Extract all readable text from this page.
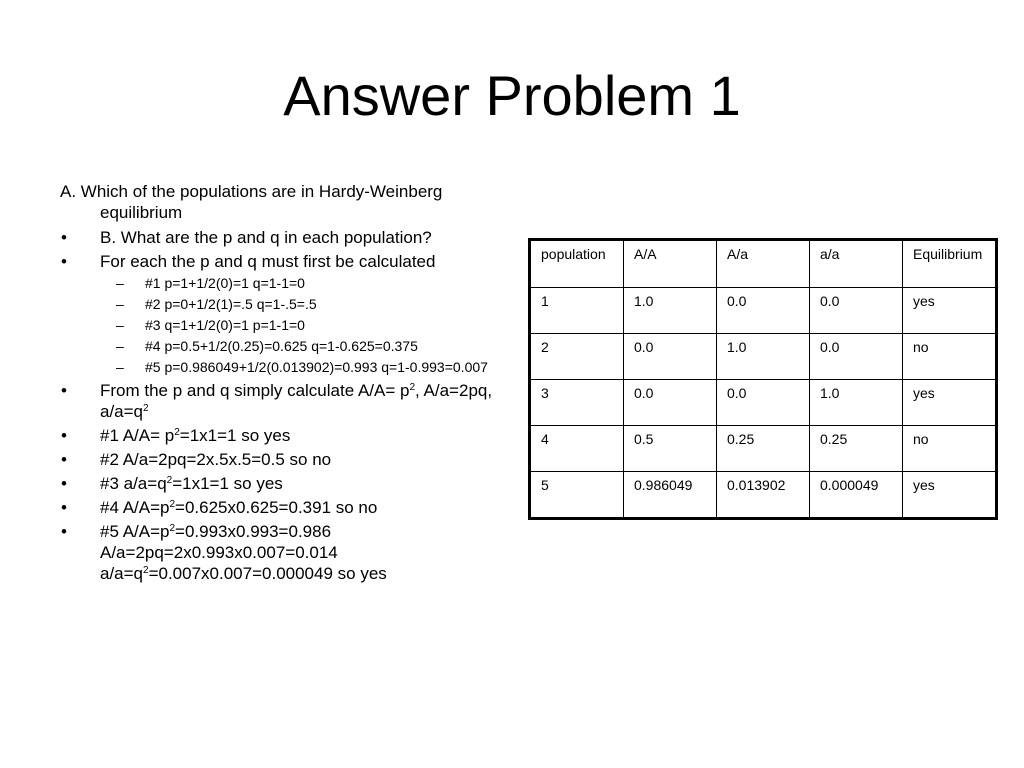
Answer Problem 1

A. Which of the populations are in Hardy-Weinberg equilibrium

• B. What are the p and q in each population?
• For each the p and q must first be calculated
– #1 p=1+1/2(0)=1 q=1-1=0
– #2 p=0+1/2(1)=.5 q=1-.5=.5
– #3 q=1+1/2(0)=1 p=1-1=0
– #4 p=0.5+1/2(0.25)=0.625 q=1-0.625=0.375
– #5 p=0.986049+1/2(0.013902)=0.993 q=1-0.993=0.007
• From the p and q simply calculate $A/A= p^2$, A/a=2pq, $a/a=q^2$
• #1 $A/A= p^2=1x1=1$ so yes
• #2 A/a=2pq=2x.5x.5=0.5 so no
• #3 $a/a=q^2=1x1=1$ so yes
• #4 $A/A=p^2=0.625x0.625=0.391$ so no
• #5 $A/A=p^2=0.993x0.993=0.986$
A/a=2pq=2x0.993x0.007=0.014
$a/a=q^2=0.007x0.007=0.000049$ so yes
population	A/A	A/a	a/a	Equilibrium
1	1.0	0.0	0.0	yes
2	0.0	1.0	0.0	no
3	0.0	0.0	1.0	yes
4	0.5	0.25	0.25	no
5	0.986049	0.013902	0.000049	yes
